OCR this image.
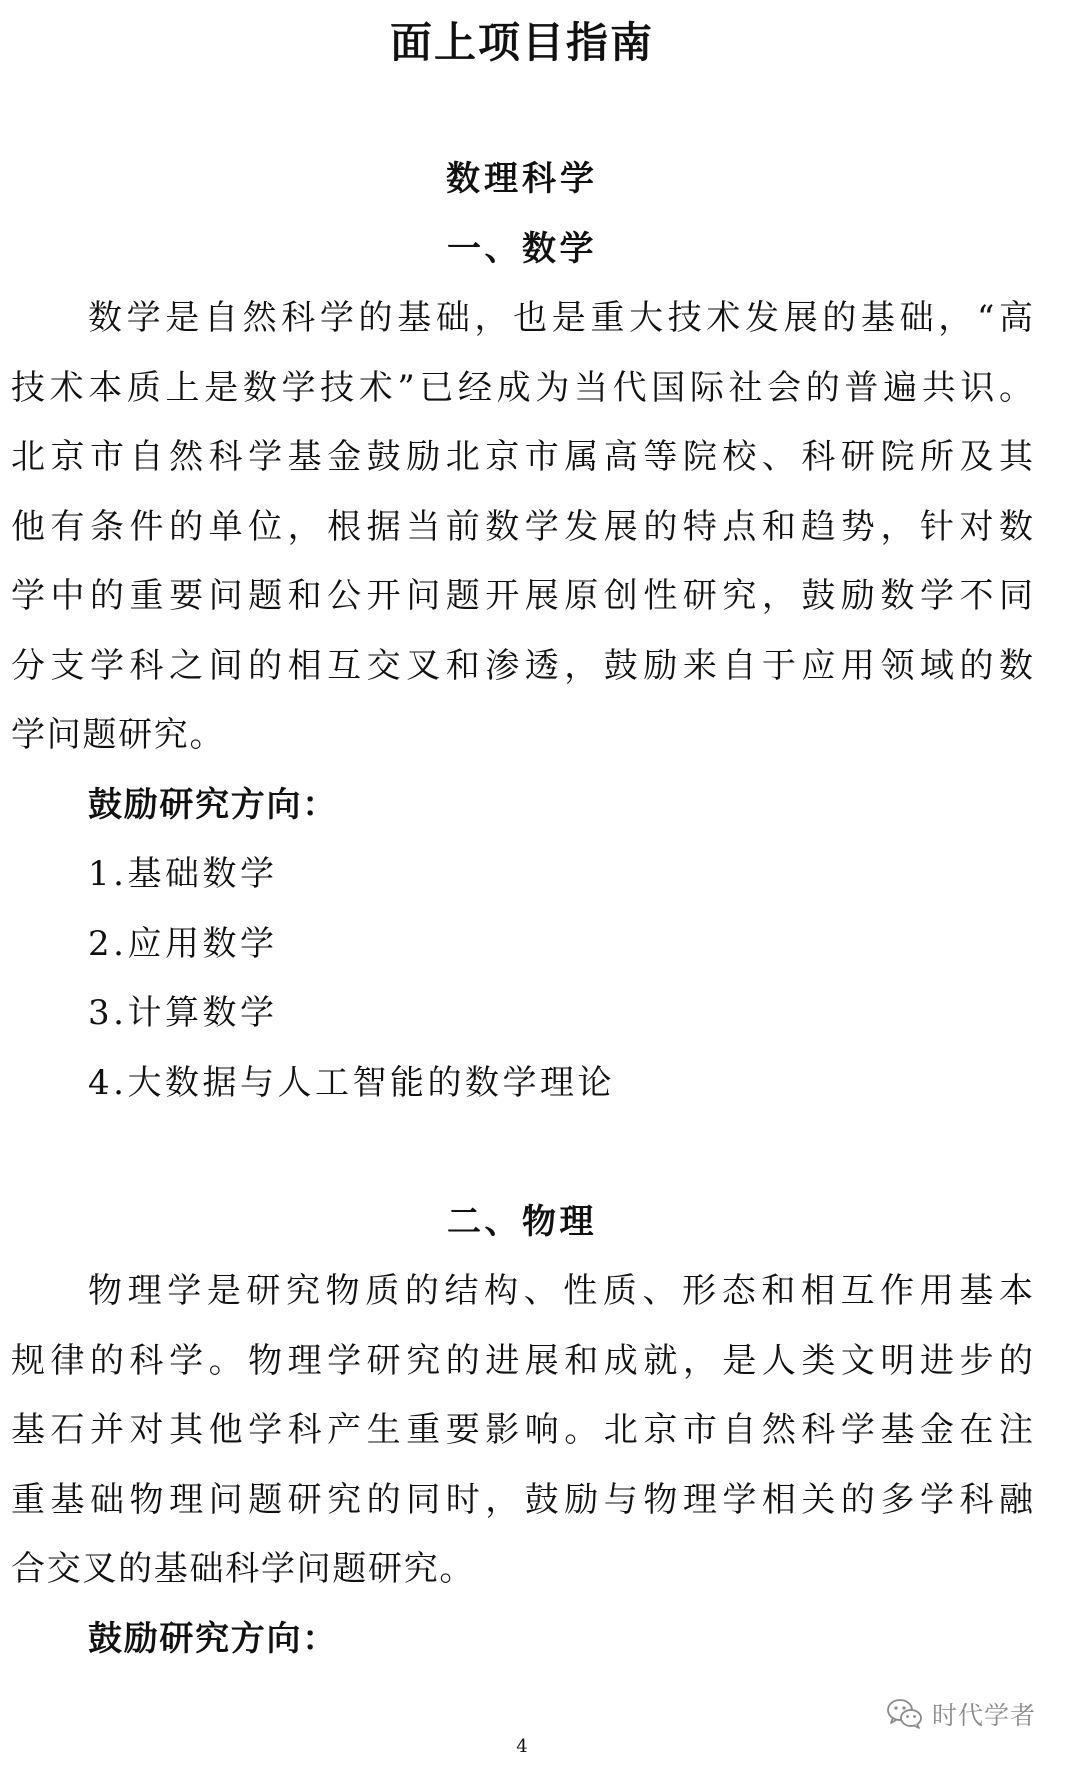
面上项目指南
数理科学
一、数学
数学是自然科学的基础，也是重大技术发展的基础，“高
技术本质上是数学技术”已经成为当代国际社会的普遍共识。
北京市自然科学基金鼓励北京市属高等院校、科研院所及其
他有条件的单位，根据当前数学发展的特点和趋势，针对数
学中的重要问题和公开问题开展原创性研究，鼓励数学不同
分支学科之间的相互交叉和渗透，鼓励来自于应用领域的数
学问题研究。
鼓励研究方向：
1.基础数学
2.应用数学
3.计算数学
4.大数据与人工智能的数学理论
二、物理
物理学是研究物质的结构、性质、形态和相互作用基本
规律的科学。物理学研究的进展和成就，是人类文明进步的
基石并对其他学科产生重要影响。北京市自然科学基金在注
重基础物理问题研究的同时，鼓励与物理学相关的多学科融
合交叉的基础科学问题研究。
鼓励研究方向：
时代学者
4
